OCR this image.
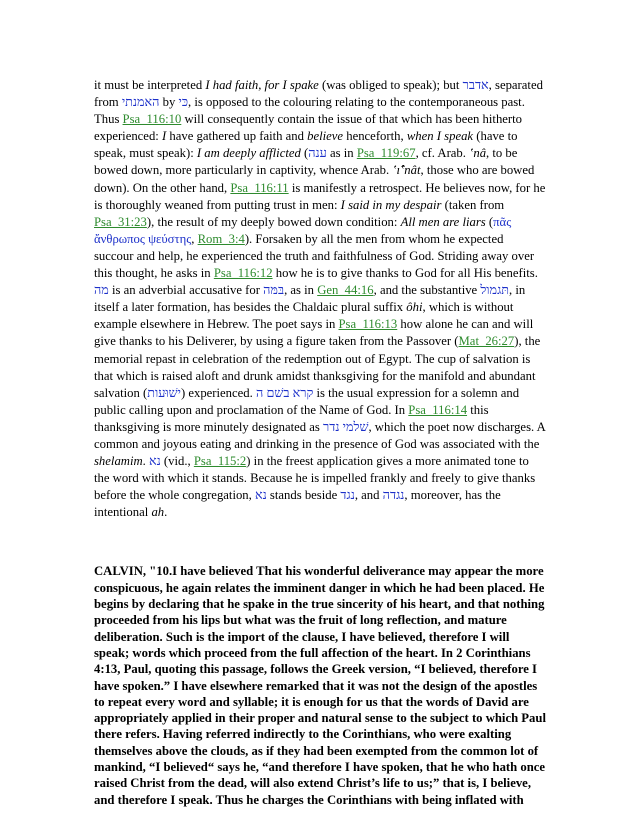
it must be interpreted I had faith, for I spake (was obliged to speak); but אדבר, separated from האמנתי by כּי, is opposed to the colouring relating to the contemporaneous past. Thus Psa_116:10 will consequently contain the issue of that which has been hitherto experienced: I have gathered up faith and believe henceforth, when I speak (have to speak, must speak): I am deeply afflicted (ענה as in Psa_119:67, cf. Arab. ‛nâ, to be bowed down, more particularly in captivity, whence Arab. ‛ı̂‛nât, those who are bowed down). On the other hand, Psa_116:11 is manifestly a retrospect. He believes now, for he is thoroughly weaned from putting trust in men: I said in my despair (taken from Psa_31:23), the result of my deeply bowed down condition: All men are liars (πᾶς ἄνθρωπος ψεύστης, Rom_3:4). Forsaken by all the men from whom he expected succour and help, he experienced the truth and faithfulness of God. Striding away over this thought, he asks in Psa_116:12 how he is to give thanks to God for all His benefits. מה is an adverbial accusative for בּמּה, as in Gen_44:16, and the substantive תּגמול, in itself a later formation, has besides the Chaldaic plural suffix ôhi, which is without example elsewhere in Hebrew. The poet says in Psa_116:13 how alone he can and will give thanks to his Deliverer, by using a figure taken from the Passover (Mat_26:27), the memorial repast in celebration of the redemption out of Egypt. The cup of salvation is that which is raised aloft and drunk amidst thanksgiving for the manifold and abundant salvation (ישׁוּעות) experienced. קרא בשׁם ה is the usual expression for a solemn and public calling upon and proclamation of the Name of God. In Psa_116:14 this thanksgiving is more minutely designated as שׁלמי נדר, which the poet now discharges. A common and joyous eating and drinking in the presence of God was associated with the shelamim. נא (vid., Psa_115:2) in the freest application gives a more animated tone to the word with which it stands. Because he is impelled frankly and freely to give thanks before the whole congregation, נא stands beside נגד, and נגדה, moreover, has the intentional ah.

CALVIN, "10.I have believed That his wonderful deliverance may appear the more conspicuous, he again relates the imminent danger in which he had been placed. He begins by declaring that he spake in the true sincerity of his heart, and that nothing proceeded from his lips but what was the fruit of long reflection, and mature deliberation. Such is the import of the clause, I have believed, therefore I will speak; words which proceed from the full affection of the heart. In 2 Corinthians 4:13, Paul, quoting this passage, follows the Greek version, “I believed, therefore I have spoken.” I have elsewhere remarked that it was not the design of the apostles to repeat every word and syllable; it is enough for us that the words of David are appropriately applied in their proper and natural sense to the subject to which Paul there refers. Having referred indirectly to the Corinthians, who were exalting themselves above the clouds, as if they had been exempted from the common lot of mankind, “I believed“ says he, “and therefore I have spoken, that he who hath once raised Christ from the dead, will also extend Christ’s life to us;” that is, I believe, and therefore I speak. Thus he charges the Corinthians with being inflated with
